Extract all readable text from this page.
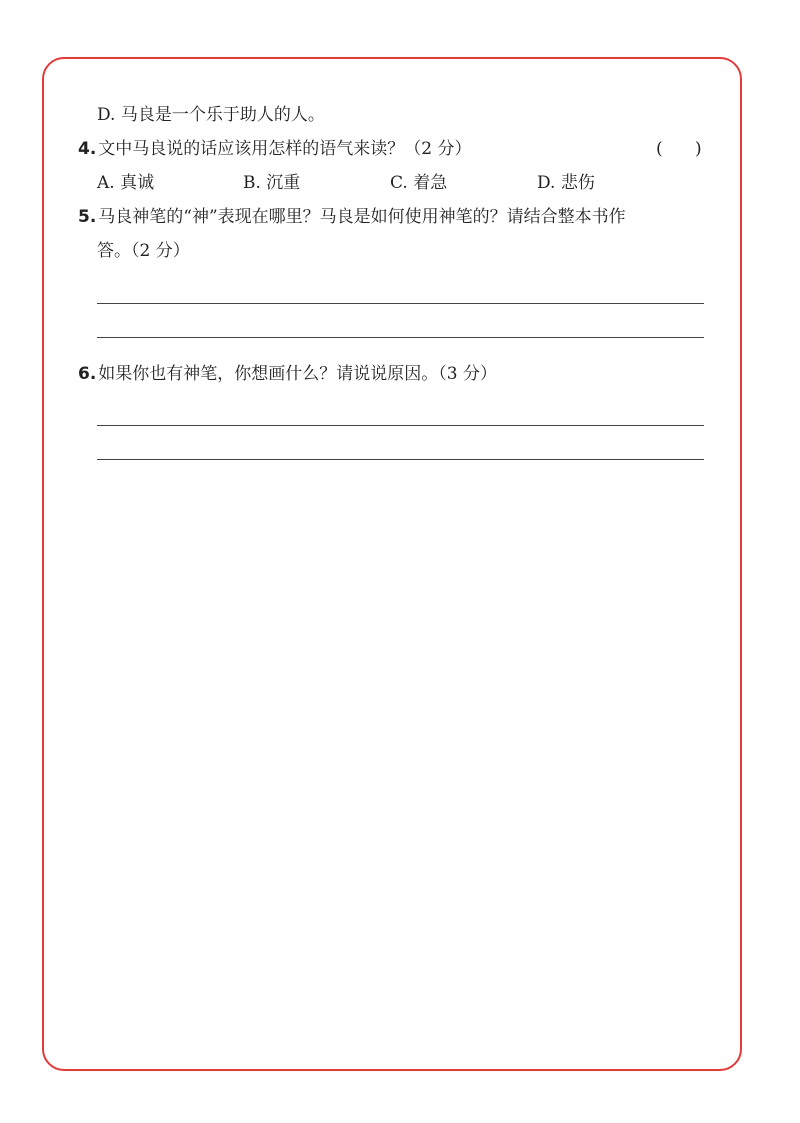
D. 马良是一个乐于助人的人。
4. 文中马良说的话应该用怎样的语气来读？（2 分）	(      )
A. 真诚	B. 沉重	C. 着急	D. 悲伤
5. 马良神笔的“神”表现在哪里？马良是如何使用神笔的？请结合整本书作
答。（2 分）
6. 如果你也有神笔，你想画什么？请说说原因。（3 分）
